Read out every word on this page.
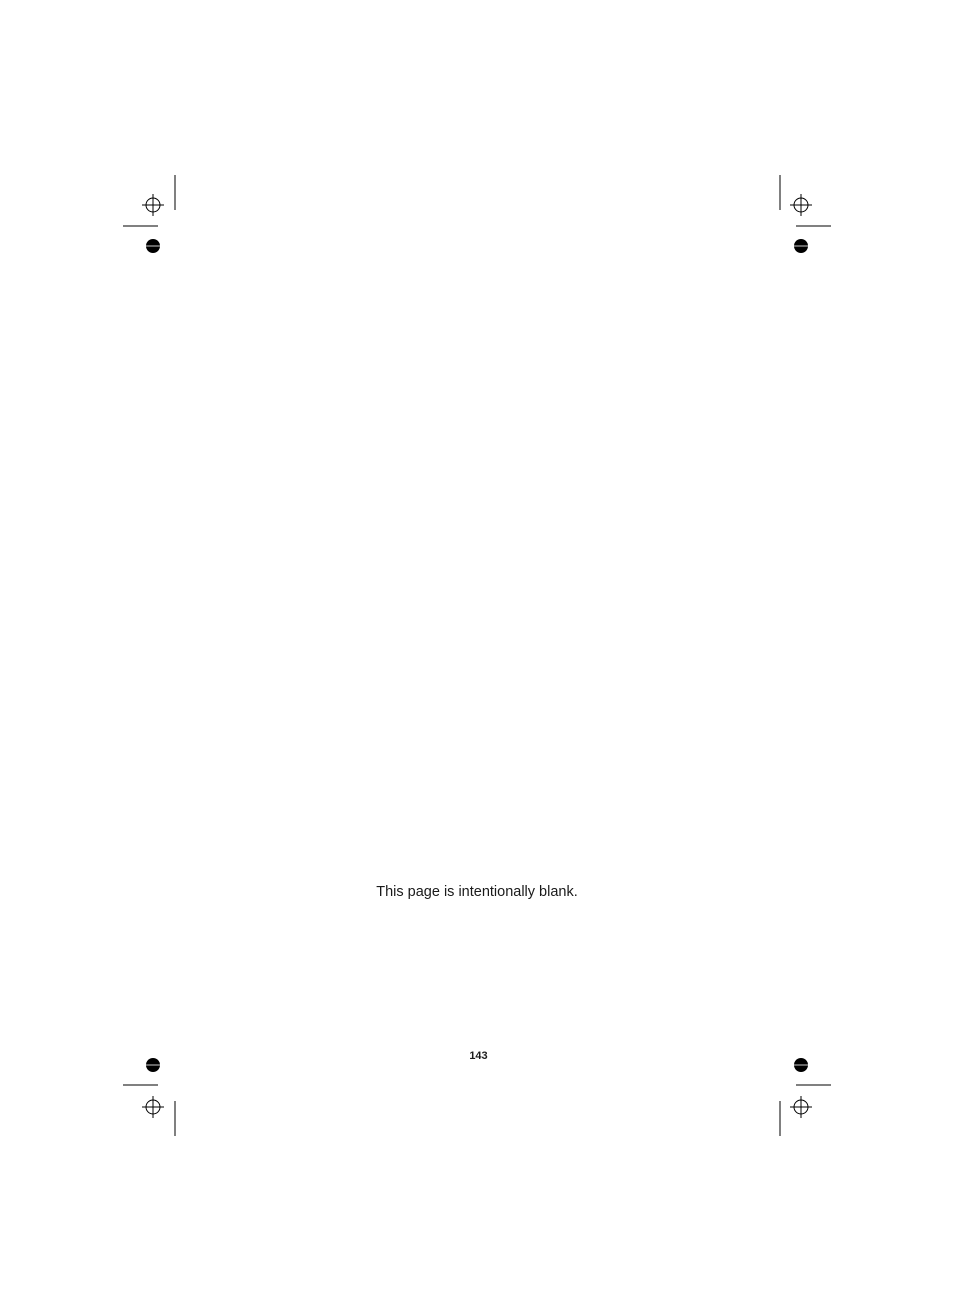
This page is intentionally blank.
143
